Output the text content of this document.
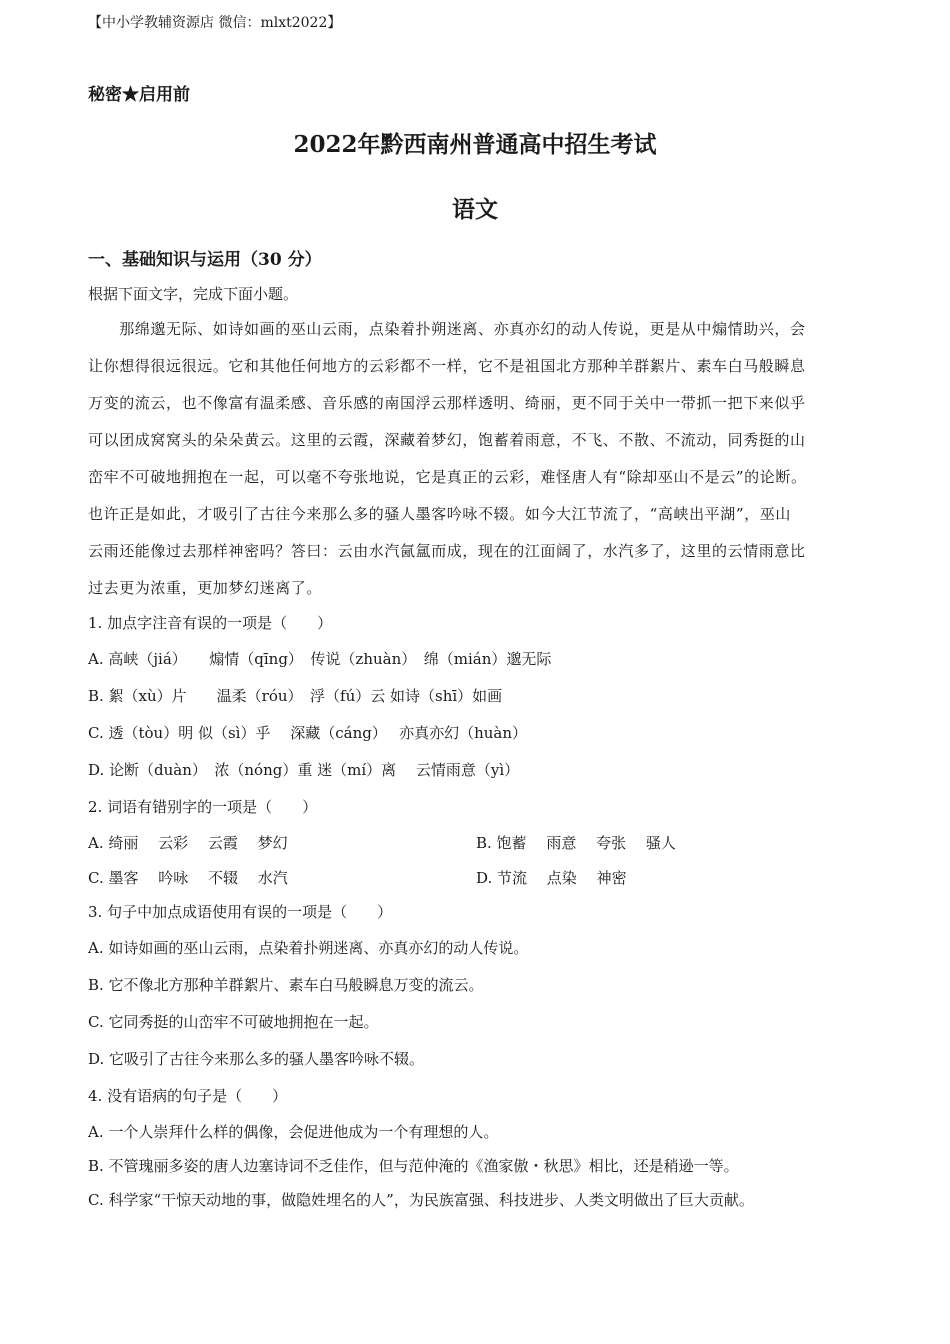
【中小学教辅资源店 微信：mlxt2022】
秘密★启用前
2022年黔西南州普通高中招生考试
语文
一、基础知识与运用（30 分）
根据下面文字，完成下面小题。
　　那绵邈无际、如诗如画的巫山云雨，点染着扑朔迷离、亦真亦幻的动人传说，更是从中煽情助兴，会
让你想得很远很远。它和其他任何地方的云彩都不一样，它不是祖国北方那种羊群絮片、素车白马般瞬息
万变的流云，也不像富有温柔感、音乐感的南国浮云那样透明、绮丽，更不同于关中一带抓一把下来似乎
可以团成窝窝头的朵朵黄云。这里的云霞，深藏着梦幻，饱蓄着雨意，不飞、不散、不流动，同秀挺的山
峦牢不可破地拥抱在一起，可以毫不夸张地说，它是真正的云彩，难怪唐人有“除却巫山不是云”的论断。
也许正是如此，才吸引了古往今来那么多的骚人墨客吟咏不辍。如今大江节流了，“高峡出平湖”，巫山
云雨还能像过去那样神密吗？答曰：云由水汽氤氲而成，现在的江面阔了，水汽多了，这里的云情雨意比
过去更为浓重，更加梦幻迷离了。
1. 加点字注音有误的一项是（　　）
A. 高峡（jiá）　　煽情（qīng）　传说（zhuàn）　绵（mián）邈无际
B. 絮（xù）片　　温柔（róu）　浮（fú）云 如诗（shī）如画
C. 透（tòu）明 似（sì）乎　 深藏（cáng）　 亦真亦幻（huàn）
D. 论断（duàn）　浓（nóng）重 迷（mí）离　 云情雨意（yì）
2. 词语有错别字的一项是（　　）
A. 绮丽　 云彩　 云霞　 梦幻	B. 饱蓄　 雨意　 夸张　 骚人
C. 墨客　 吟咏　 不辍　 水汽	D. 节流　 点染　 神密
3. 句子中加点成语使用有误的一项是（　　）
A. 如诗如画的巫山云雨，点染着扑朔迷离、亦真亦幻的动人传说。
B. 它不像北方那种羊群絮片、素车白马般瞬息万变的流云。
C. 它同秀挺的山峦牢不可破地拥抱在一起。
D. 它吸引了古往今来那么多的骚人墨客吟咏不辍。
4. 没有语病的句子是（　　）
A. 一个人崇拜什么样的偶像，会促进他成为一个有理想的人。
B. 不管瑰丽多姿的唐人边塞诗词不乏佳作，但与范仲淹的《渔家傲・秋思》相比，还是稍逊一等。
C. 科学家“干惊天动地的事，做隐姓埋名的人”，为民族富强、科技进步、人类文明做出了巨大贡献。
